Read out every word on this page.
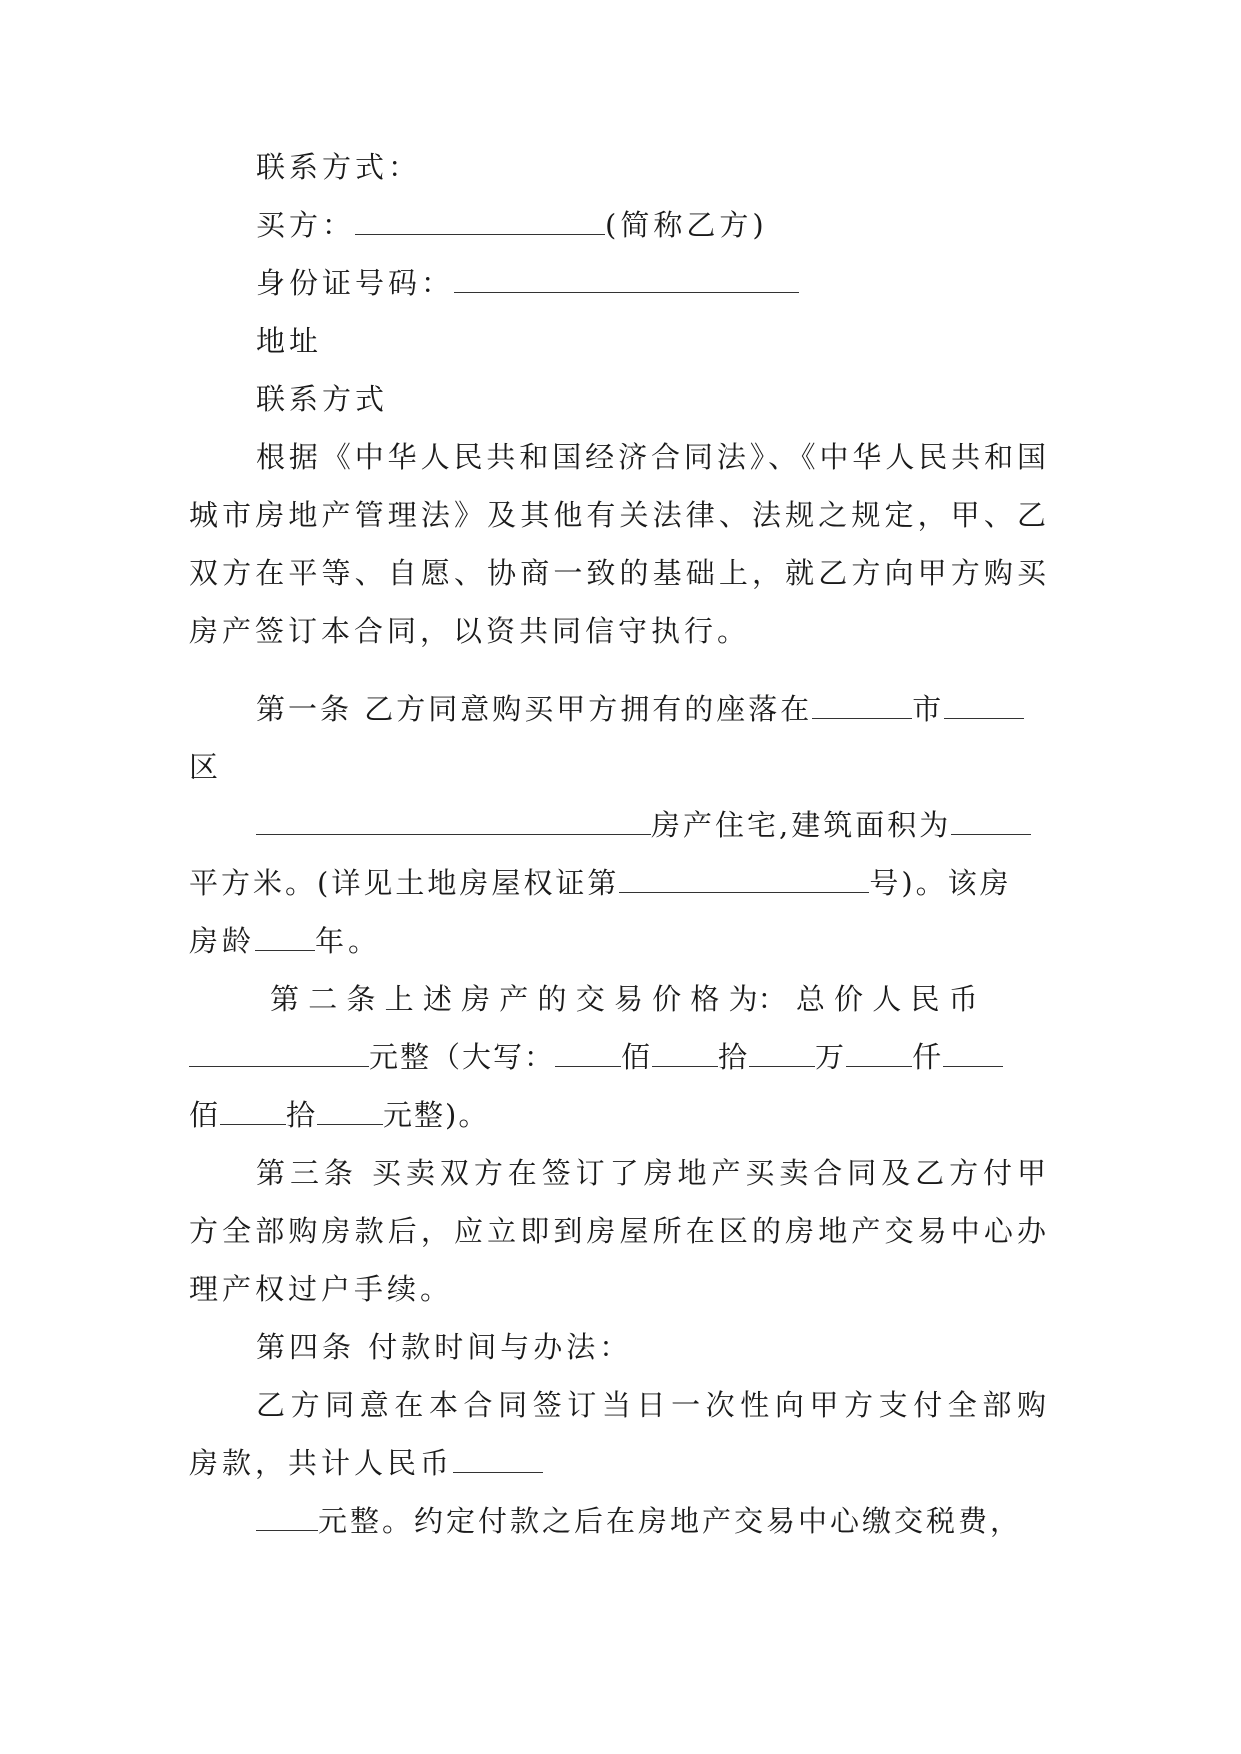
联系方式：
买方：	(简称乙方)
身份证号码：
地址
联系方式
根据《中华人民共和国经济合同法》、《中华人民共和国
城市房地产管理法》及其他有关法律、法规之规定，甲、乙
双方在平等、自愿、协商一致的基础上，就乙方向甲方购买
房产签订本合同，以资共同信守执行。
第一条 乙方同意购买甲方拥有的座落在	市
区
房产住宅,建筑面积为
平方米。(详见土地房屋权证第	号)。该房
房龄 年。
第 二 条 上 述 房 产 的 交 易 价 格 为： 总 价 人 民 币
元整（大写： 佰 拾 万 仟
佰 拾 元整)。
第三条 买卖双方在签订了房地产买卖合同及乙方付甲
方全部购房款后，应立即到房屋所在区的房地产交易中心办
理产权过户手续。
第四条 付款时间与办法：
乙方同意在本合同签订当日一次性向甲方支付全部购
房款，共计人民币
元整。约定付款之后在房地产交易中心缴交税费，
